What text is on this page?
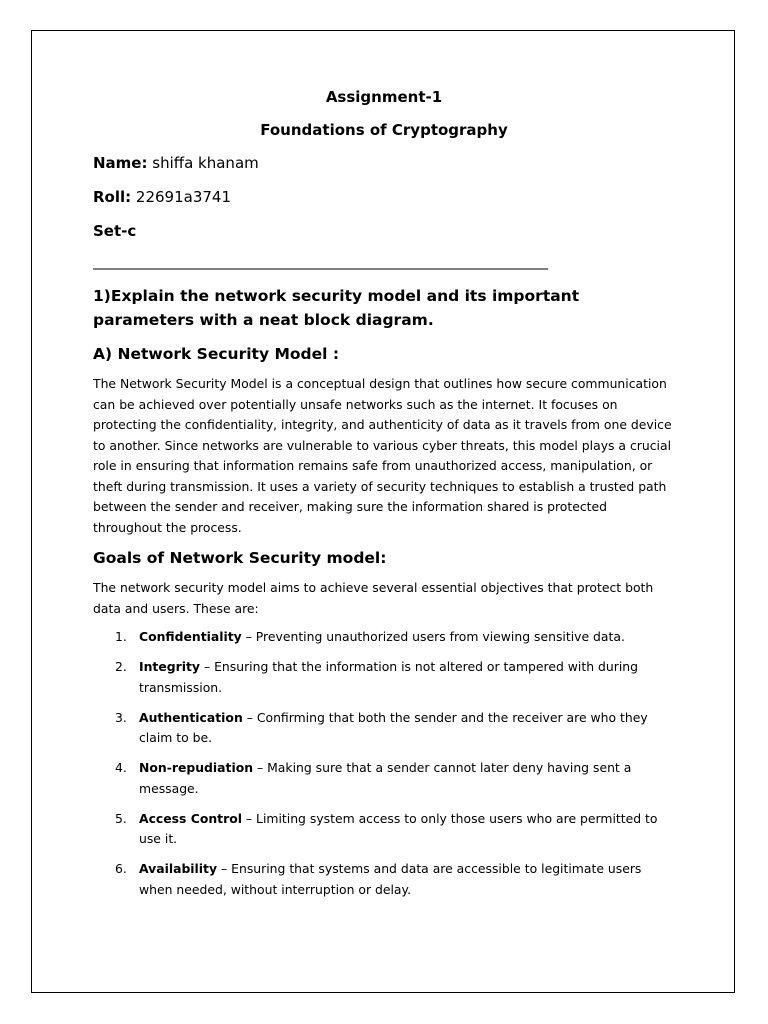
Assignment-1
Foundations of Cryptography
Name: shiffa khanam
Roll: 22691a3741
Set-c
_______________________________________________________________________
1)Explain the network security model and its important parameters with a neat block diagram.
A) Network Security Model :
The Network Security Model is a conceptual design that outlines how secure communication can be achieved over potentially unsafe networks such as the internet. It focuses on protecting the confidentiality, integrity, and authenticity of data as it travels from one device to another. Since networks are vulnerable to various cyber threats, this model plays a crucial role in ensuring that information remains safe from unauthorized access, manipulation, or theft during transmission. It uses a variety of security techniques to establish a trusted path between the sender and receiver, making sure the information shared is protected throughout the process.
Goals of Network Security model:
The network security model aims to achieve several essential objectives that protect both data and users. These are:
1. Confidentiality – Preventing unauthorized users from viewing sensitive data.
2. Integrity – Ensuring that the information is not altered or tampered with during transmission.
3. Authentication – Confirming that both the sender and the receiver are who they claim to be.
4. Non-repudiation – Making sure that a sender cannot later deny having sent a message.
5. Access Control – Limiting system access to only those users who are permitted to use it.
6. Availability – Ensuring that systems and data are accessible to legitimate users when needed, without interruption or delay.
